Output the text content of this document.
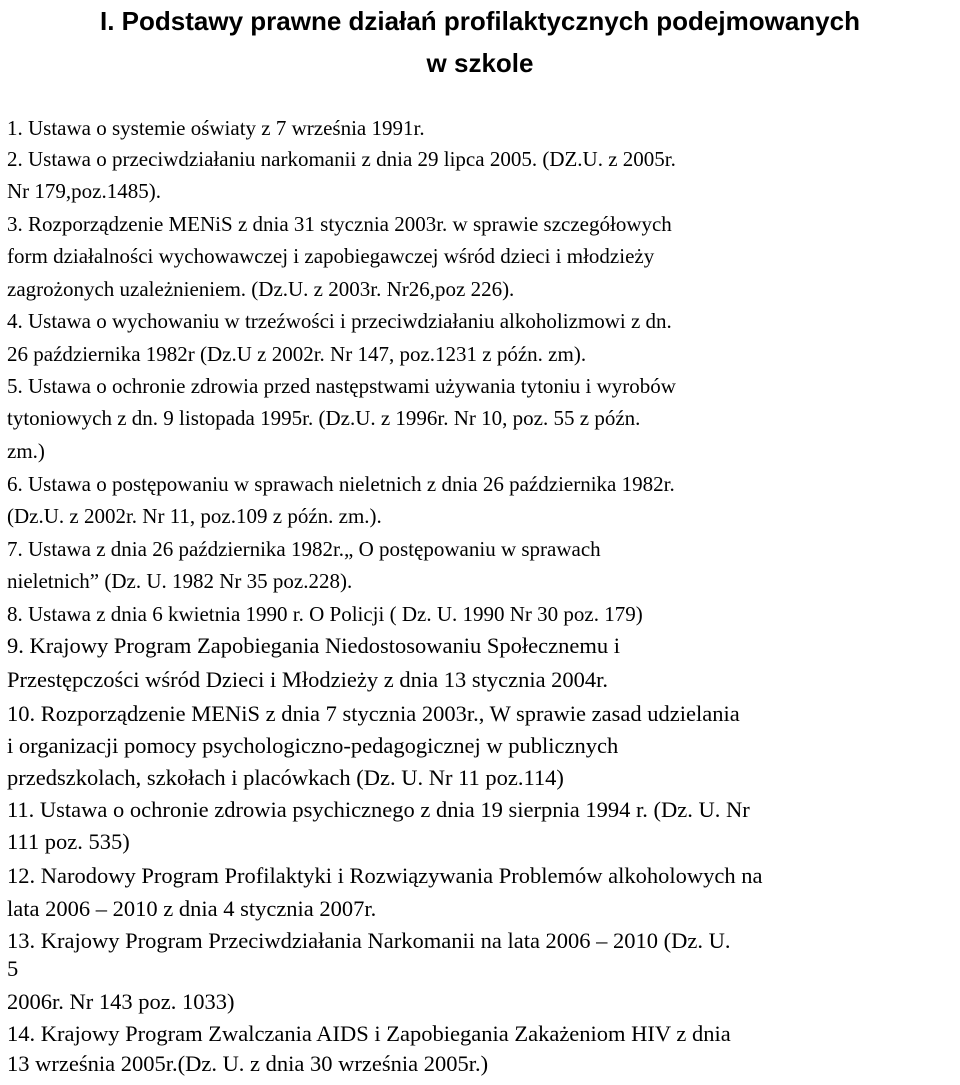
I. Podstawy prawne działań profilaktycznych podejmowanych
w szkole
1. Ustawa o systemie oświaty z 7 września 1991r.
2. Ustawa o przeciwdziałaniu narkomanii z dnia 29 lipca 2005. (DZ.U. z 2005r.
Nr 179,poz.1485).
3. Rozporządzenie MENiS z dnia 31 stycznia 2003r. w sprawie szczegółowych
form działalności wychowawczej i zapobiegawczej wśród dzieci i młodzieży
zagrożonych uzależnieniem. (Dz.U. z 2003r. Nr26,poz 226).
4. Ustawa o wychowaniu w trzeźwości i przeciwdziałaniu alkoholizmowi z dn.
26 października 1982r (Dz.U z 2002r. Nr 147, poz.1231 z późn. zm).
5. Ustawa o ochronie zdrowia przed następstwami używania tytoniu i wyrobów
tytoniowych z dn. 9 listopada 1995r. (Dz.U. z 1996r. Nr 10, poz. 55 z późn.
zm.)
6. Ustawa o postępowaniu w sprawach nieletnich z dnia 26 października 1982r.
(Dz.U. z 2002r. Nr 11, poz.109 z późn. zm.).
7. Ustawa z dnia 26 października 1982r.„ O postępowaniu w sprawach
nieletnich” (Dz. U. 1982 Nr 35 poz.228).
8. Ustawa z dnia 6 kwietnia 1990 r. O Policji ( Dz. U. 1990 Nr 30 poz. 179)
9. Krajowy Program Zapobiegania Niedostosowaniu Społecznemu i
Przestępczości wśród Dzieci i Młodzieży z dnia 13 stycznia 2004r.
10. Rozporządzenie MENiS z dnia 7 stycznia 2003r., W sprawie zasad udzielania
i organizacji pomocy psychologiczno-pedagogicznej w publicznych
przedszkolach, szkołach i placówkach (Dz. U. Nr 11 poz.114)
11. Ustawa o ochronie zdrowia psychicznego z dnia 19 sierpnia 1994 r. (Dz. U. Nr
111 poz. 535)
12. Narodowy Program Profilaktyki i Rozwiązywania Problemów alkoholowych na
lata 2006 – 2010 z dnia 4 stycznia 2007r.
13. Krajowy Program Przeciwdziałania Narkomanii na lata 2006 – 2010 (Dz. U.
5
2006r. Nr 143 poz. 1033)
14. Krajowy Program Zwalczania AIDS i Zapobiegania Zakażeniom HIV z dnia
13 września 2005r.(Dz. U. z dnia 30 września 2005r.)
